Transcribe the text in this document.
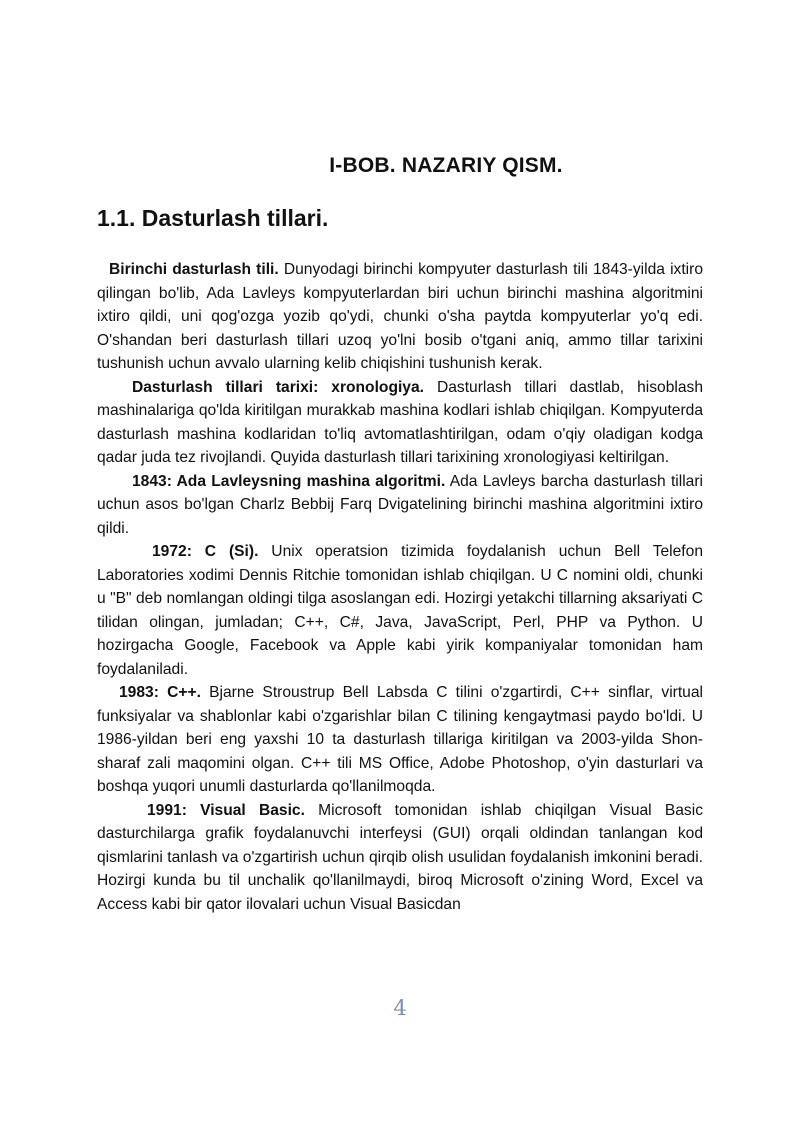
I-BOB. NAZARIY QISM.
1.1. Dasturlash tillari.

Birinchi dasturlash tili. Dunyodagi birinchi kompyuter dasturlash tili 1843-yilda ixtiro qilingan bo'lib, Ada Lavleys kompyuterlardan biri uchun birinchi mashina algoritmini ixtiro qildi, uni qog'ozga yozib qo'ydi, chunki o'sha paytda kompyuterlar yo'q edi. O'shandan beri dasturlash tillari uzoq yo'lni bosib o'tgani aniq, ammo tillar tarixini tushunish uchun avvalo ularning kelib chiqishini tushunish kerak.

Dasturlash tillari tarixi: xronologiya. Dasturlash tillari dastlab, hisoblash mashinalariga qo'lda kiritilgan murakkab mashina kodlari ishlab chiqilgan. Kompyuterda dasturlash mashina kodlaridan to'liq avtomatlashtirilgan, odam o'qiy oladigan kodga qadar juda tez rivojlandi. Quyida dasturlash tillari tarixining xronologiyasi keltirilgan.

1843: Ada Lavleysning mashina algoritmi. Ada Lavleys barcha dasturlash tillari uchun asos bo'lgan Charlz Bebbij Farq Dvigatelining birinchi mashina algoritmini ixtiro qildi.

1972: C (Si). Unix operatsion tizimida foydalanish uchun Bell Telefon Laboratories xodimi Dennis Ritchie tomonidan ishlab chiqilgan. U C nomini oldi, chunki u "B" deb nomlangan oldingi tilga asoslangan edi. Hozirgi yetakchi tillarning aksariyati C tilidan olingan, jumladan; C++, C#, Java, JavaScript, Perl, PHP va Python. U hozirgacha Google, Facebook va Apple kabi yirik kompaniyalar tomonidan ham foydalaniladi.

1983: C++. Bjarne Stroustrup Bell Labsda C tilini o'zgartirdi, C++ sinflar, virtual funksiyalar va shablonlar kabi o'zgarishlar bilan C tilining kengaytmasi paydo bo'ldi. U 1986-yildan beri eng yaxshi 10 ta dasturlash tillariga kiritilgan va 2003-yilda Shon-sharaf zali maqomini olgan. C++ tili MS Office, Adobe Photoshop, o'yin dasturlari va boshqa yuqori unumli dasturlarda qo'llanilmoqda.

1991: Visual Basic. Microsoft tomonidan ishlab chiqilgan Visual Basic dasturchilarga grafik foydalanuvchi interfeysi (GUI) orqali oldindan tanlangan kod qismlarini tanlash va o'zgartirish uchun qirqib olish usulidan foydalanish imkonini beradi. Hozirgi kunda bu til unchalik qo'llanilmaydi, biroq Microsoft o'zining Word, Excel va Access kabi bir qator ilovalari uchun Visual Basicdan

4
